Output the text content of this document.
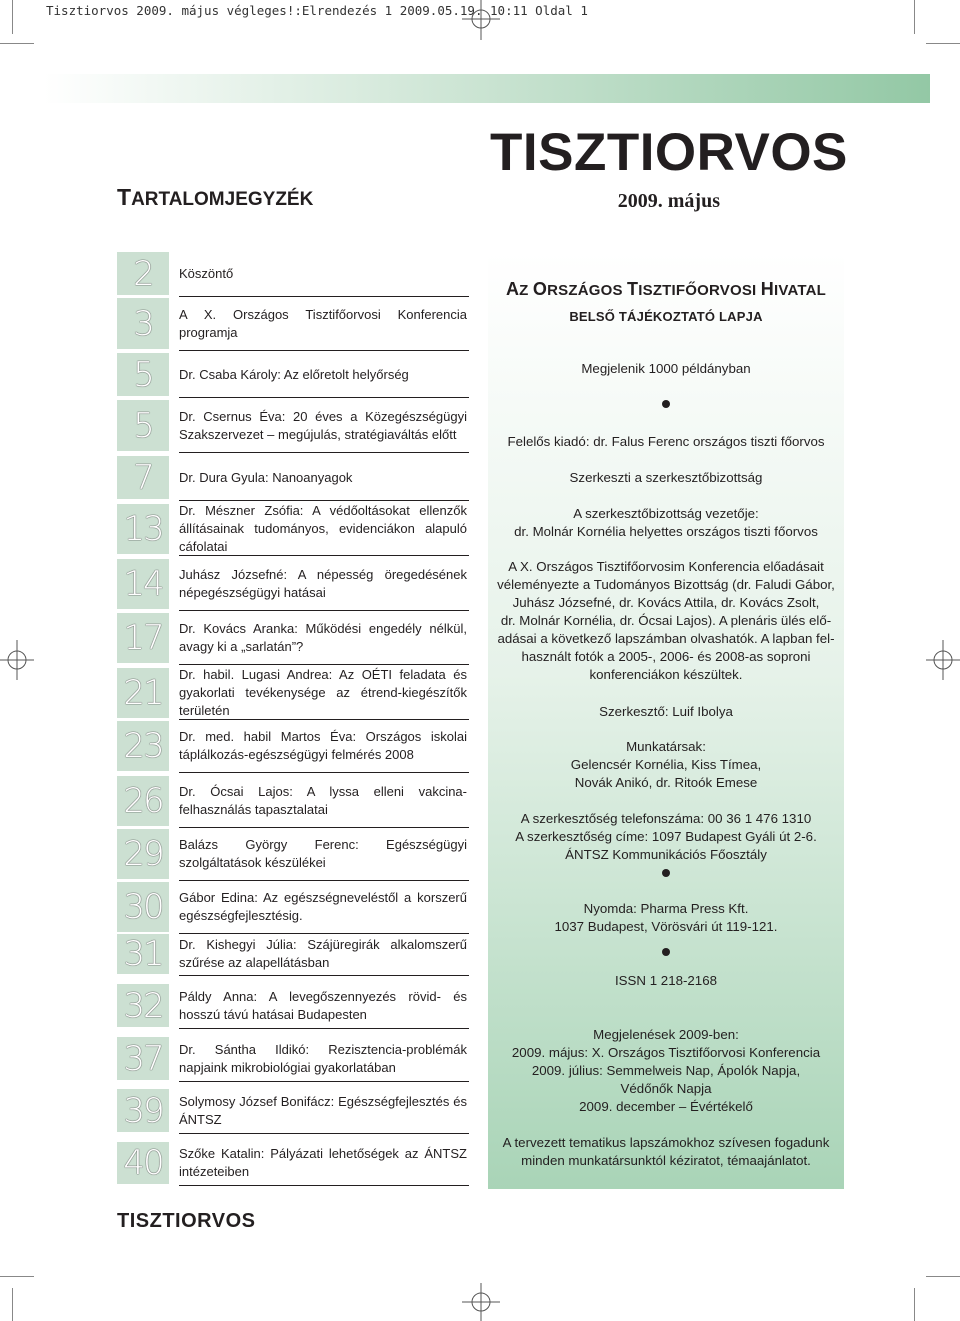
Tisztiorvos 2009. május végleges!:Elrendezés 1 2009.05.19. 10:11 Oldal 1
TISZTIORVOS
2009. május
TARTALOMJEGYZÉK
2	Köszöntő
3	A X. Országos Tisztifőorvosi Konferencia programja
5	Dr. Csaba Károly: Az előretolt helyőrség
5	Dr. Csernus Éva: 20 éves a Közegészségügyi Szakszervezet – megújulás, stratégiaváltás előtt
7	Dr. Dura Gyula: Nanoanyagok
13	Dr. Mészner Zsófia: A védőoltásokat ellenzők állításainak tudományos, evidenciákon alapuló cáfolatai
14	Juhász Józsefné: A népesség öregedésének népegészségügyi hatásai
17	Dr. Kovács Aranka: Működési engedély nélkül, avagy ki a „sarlatán”?
21	Dr. habil. Lugasi Andrea: Az OÉTI feladata és gyakorlati tevékenysége az étrend-kiegészítők területén
23	Dr. med. habil Martos Éva: Országos iskolai táplálkozás-egészségügyi felmérés 2008
26	Dr. Ócsai Lajos: A lyssa elleni vakcina-felhasználás tapasztalatai
29	Balázs György Ferenc: Egészségügyi szolgáltatások készülékei
30	Gábor Edina: Az egészségneveléstől a korszerű egészségfejlesztésig.
31	Dr. Kishegyi Júlia: Szájüregirák alkalomszerű szűrése az alapellátásban
32	Páldy Anna: A levegőszennyezés rövid- és hosszú távú hatásai Budapesten
37	Dr. Sántha Ildikó: Rezisztencia-problémák napjaink mikrobiológiai gyakorlatában
39	Solymosy József Bonifácz: Egészségfejlesztés és ÁNTSZ
40	Szőke Katalin: Pályázati lehetőségek az ÁNTSZ intézeteiben
TISZTIORVOS
AZ ORSZÁGOS TISZTIFŐORVOSI HIVATAL
BELSŐ TÁJÉKOZTATÓ LAPJA
Megjelenik 1000 példányban
Felelős kiadó: dr. Falus Ferenc országos tiszti főorvos
Szerkeszti a szerkesztőbizottság
A szerkesztőbizottság vezetője:
dr. Molnár Kornélia helyettes országos tiszti főorvos
A X. Országos Tisztifőorvosim Konferencia előadásait
véleményezte a Tudományos Bizottság (dr. Faludi Gábor,
Juhász Józsefné, dr. Kovács Attila, dr. Kovács Zsolt,
dr. Molnár Kornélia, dr. Ócsai Lajos). A plenáris ülés elő-
adásai a következő lapszámban olvashatók. A lapban fel-
használt fotók a 2005-, 2006- és 2008-as soproni
konferenciákon készültek.
Szerkesztő: Luif Ibolya
Munkatársak:
Gelencsér Kornélia, Kiss Tímea,
Novák Anikó, dr. Ritoók Emese
A szerkesztőség telefonszáma: 00 36 1 476 1310
A szerkesztőség címe: 1097 Budapest Gyáli út 2-6.
ÁNTSZ Kommunikációs Főosztály
Nyomda: Pharma Press Kft.
1037 Budapest, Vörösvári út 119-121.
ISSN 1 218-2168
Megjelenések 2009-ben:
2009. május: X. Országos Tisztifőorvosi Konferencia
2009. július: Semmelweis Nap, Ápolók Napja,
Védőnők Napja
2009. december – Évértékelő
A tervezett tematikus lapszámokhoz szívesen fogadunk
minden munkatársunktól kéziratot, témaajánlatot.
